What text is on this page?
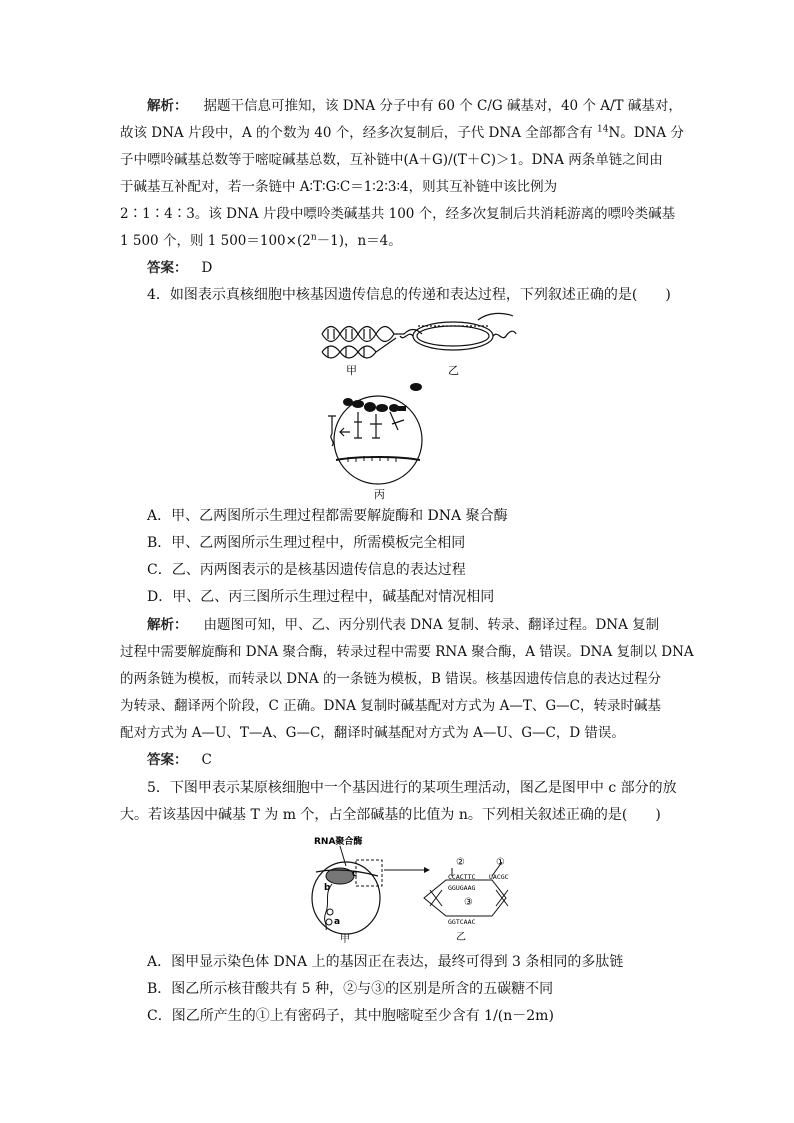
解析： 据题干信息可推知，该 DNA 分子中有 60 个 C/G 碱基对，40 个 A/T 碱基对，
故该 DNA 片段中，A 的个数为 40 个，经多次复制后，子代 DNA 全部都含有 $^{14}$N。DNA 分
子中嘌呤碱基总数等于嘧啶碱基总数，互补链中(A＋G)/(T＋C)＞1。DNA 两条单链之间由
于碱基互补配对，若一条链中 A∶T∶G∶C＝1∶2∶3∶4，则其互补链中该比例为
2∶1∶4∶3。该 DNA 片段中嘌呤类碱基共 100 个，经多次复制后共消耗游离的嘌呤类碱基
1 500 个，则 1 $500=100\times(2^n-1)$，n＝4。
答案： D
4．如图表示真核细胞中核基因遗传信息的传递和表达过程，下列叙述正确的是(　　)
甲	乙
丙
A．甲、乙两图所示生理过程都需要解旋酶和 DNA 聚合酶
B．甲、乙两图所示生理过程中，所需模板完全相同
C．乙、丙两图表示的是核基因遗传信息的表达过程
D．甲、乙、丙三图所示生理过程中，碱基配对情况相同
解析： 由题图可知，甲、乙、丙分别代表 DNA 复制、转录、翻译过程。DNA 复制
过程中需要解旋酶和 DNA 聚合酶，转录过程中需要 RNA 聚合酶，A 错误。DNA 复制以 DNA
的两条链为模板，而转录以 DNA 的一条链为模板，B 错误。核基因遗传信息的表达过程分
为转录、翻译两个阶段，C 正确。DNA 复制时碱基配对方式为 A—T、G—C，转录时碱基
配对方式为 A—U、T—A、G—C，翻译时碱基配对方式为 A—U、G—C，D 错误。
答案： C
5．下图甲表示某原核细胞中一个基因进行的某项生理活动，图乙是图甲中 c 部分的放
大。若该基因中碱基 T 为 m 个，占全部碱基的比值为 n。下列相关叙述正确的是(　　)
RNA聚合酶
b
c
a
甲
②	①
CCACTTC
GGUGAAG
UACGC
③
GGTCAAC
乙
A．图甲显示染色体 DNA 上的基因正在表达，最终可得到 3 条相同的多肽链
B．图乙所示核苷酸共有 5 种，②与③的区别是所含的五碳糖不同
C．图乙所产生的①上有密码子，其中胞嘧啶至少含有 1/(n－2m)
